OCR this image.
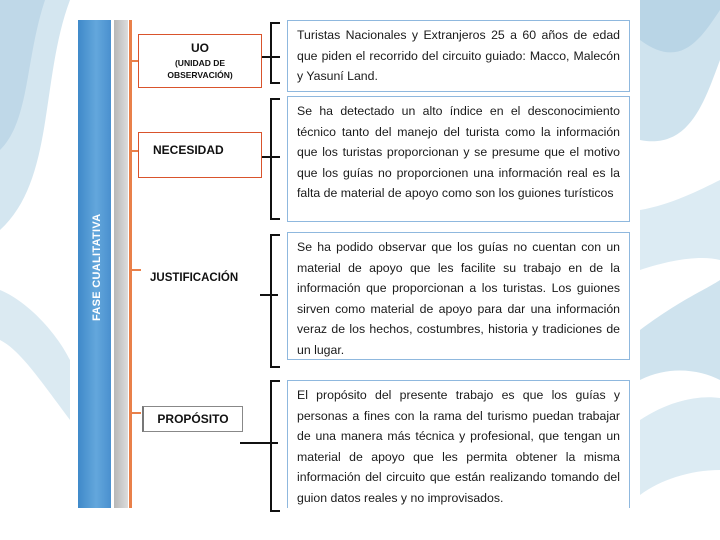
FASE CUALITATIVA
UO
(UNIDAD DE OBSERVACIÓN)
Turistas Nacionales y Extranjeros 25 a 60 años de edad que piden el recorrido del circuito guiado: Macco, Malecón y Yasuní Land.
NECESIDAD
Se ha detectado un alto índice en el desconocimiento técnico tanto del manejo del turista como la información que los turistas proporcionan y se presume que el motivo que los guías no proporcionen una información real es la falta de material de apoyo como son los guiones turísticos
JUSTIFICACIÓN
Se ha podido observar que los guías no cuentan con un material de apoyo que les facilite su trabajo en de la información que proporcionan a los turistas. Los guiones sirven como material de apoyo para dar una información veraz de los hechos, costumbres, historia y tradiciones de un lugar.
PROPÓSITO
El propósito del presente trabajo es que los guías y personas a fines con la rama del turismo puedan trabajar de una manera más técnica y profesional, que tengan un material de apoyo que les permita obtener la misma información del circuito que están realizando tomando del guion datos reales y no improvisados.
